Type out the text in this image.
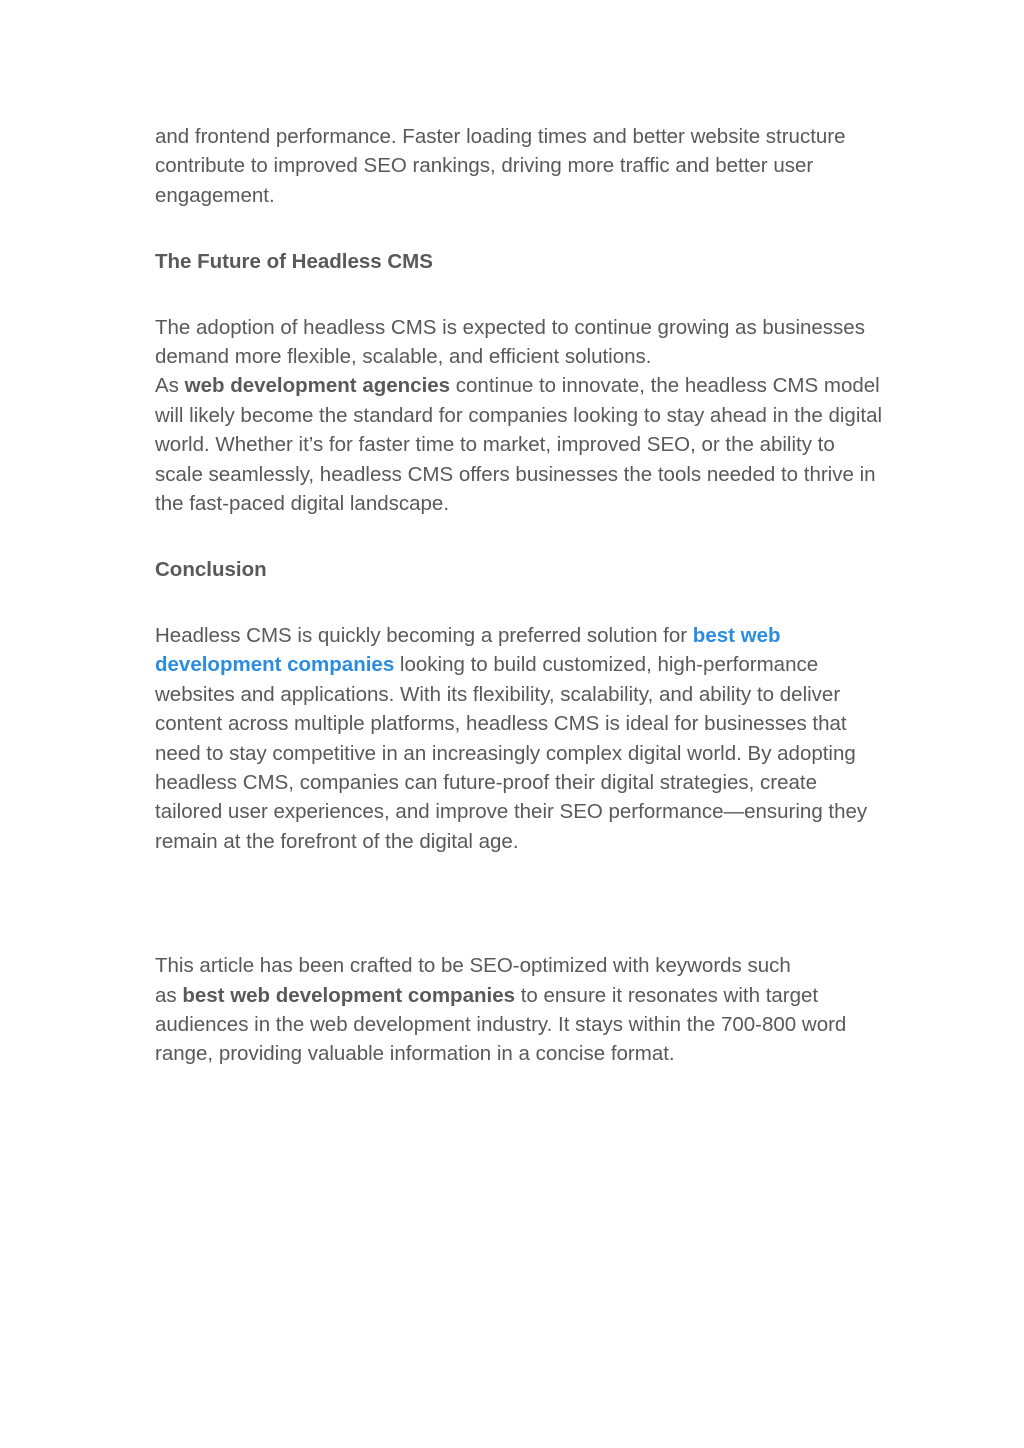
and frontend performance. Faster loading times and better website structure contribute to improved SEO rankings, driving more traffic and better user engagement.

The Future of Headless CMS

The adoption of headless CMS is expected to continue growing as businesses demand more flexible, scalable, and efficient solutions.
As web development agencies continue to innovate, the headless CMS model will likely become the standard for companies looking to stay ahead in the digital world. Whether it’s for faster time to market, improved SEO, or the ability to scale seamlessly, headless CMS offers businesses the tools needed to thrive in the fast-paced digital landscape.

Conclusion

Headless CMS is quickly becoming a preferred solution for best web development companies looking to build customized, high-performance websites and applications. With its flexibility, scalability, and ability to deliver content across multiple platforms, headless CMS is ideal for businesses that need to stay competitive in an increasingly complex digital world. By adopting headless CMS, companies can future-proof their digital strategies, create tailored user experiences, and improve their SEO performance—ensuring they remain at the forefront of the digital age.

This article has been crafted to be SEO-optimized with keywords such
as best web development companies to ensure it resonates with target audiences in the web development industry. It stays within the 700-800 word range, providing valuable information in a concise format.
